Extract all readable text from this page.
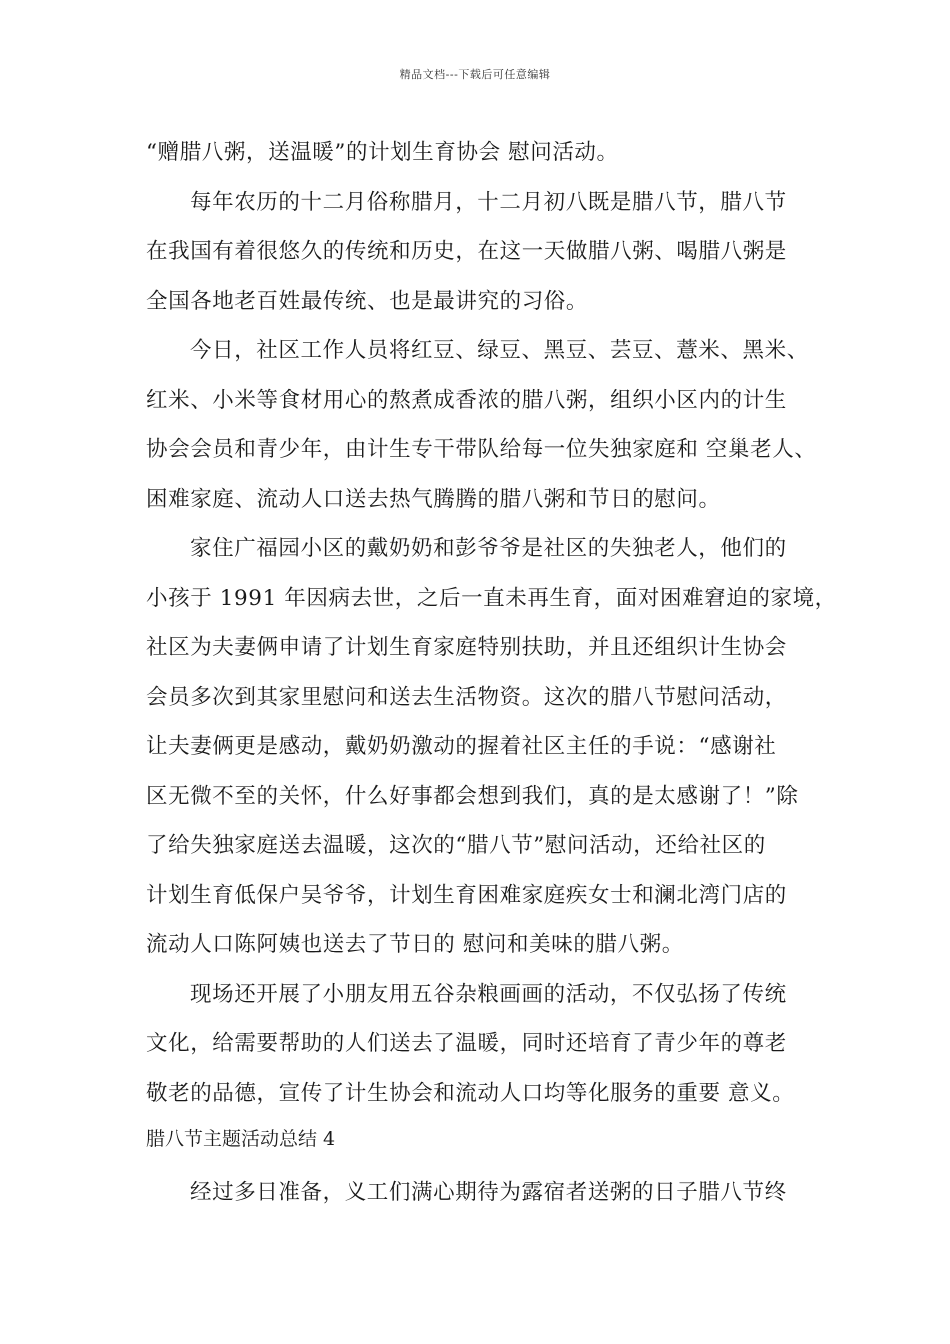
精品文档---下载后可任意编辑
“赠腊八粥，送温暖”的计划生育协会 慰问活动。
每年农历的十二月俗称腊月，十二月初八既是腊八节，腊八节
在我国有着很悠久的传统和历史，在这一天做腊八粥、喝腊八粥是
全国各地老百姓最传统、也是最讲究的习俗。
今日，社区工作人员将红豆、绿豆、黑豆、芸豆、薏米、黑米、
红米、小米等食材用心的熬煮成香浓的腊八粥，组织小区内的计生
协会会员和青少年，由计生专干带队给每一位失独家庭和 空巢老人、
困难家庭、流动人口送去热气腾腾的腊八粥和节日的慰问。
家住广福园小区的戴奶奶和彭爷爷是社区的失独老人，他们的
小孩于 1991 年因病去世，之后一直未再生育，面对困难窘迫的家境，
社区为夫妻俩申请了计划生育家庭特别扶助，并且还组织计生协会
会员多次到其家里慰问和送去生活物资。这次的腊八节慰问活动，
让夫妻俩更是感动，戴奶奶激动的握着社区主任的手说：“感谢社
区无微不至的关怀，什么好事都会想到我们，真的是太感谢了！”除
了给失独家庭送去温暖，这次的“腊八节”慰问活动，还给社区的
计划生育低保户吴爷爷，计划生育困难家庭疾女士和澜北湾门店的
流动人口陈阿姨也送去了节日的 慰问和美味的腊八粥。
现场还开展了小朋友用五谷杂粮画画的活动，不仅弘扬了传统
文化，给需要帮助的人们送去了温暖，同时还培育了青少年的尊老
敬老的品德，宣传了计生协会和流动人口均等化服务的重要 意义。
腊八节主题活动总结 4
经过多日准备，义工们满心期待为露宿者送粥的日子腊八节终
